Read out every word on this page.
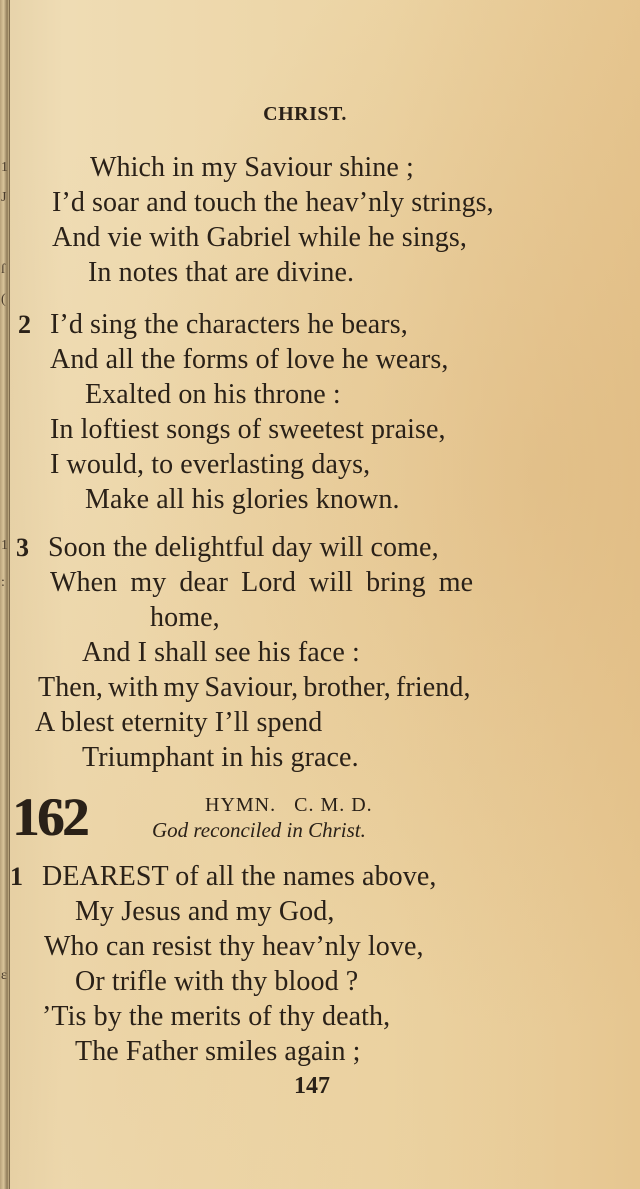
1
J
ſ
(
1
:
ε
CHRIST.
Which in my Saviour shine ;
I’d soar and touch the heav’nly strings,
And vie with Gabriel while he sings,
In notes that are divine.
2 I’d sing the characters he bears,
And all the forms of love he wears,
Exalted on his throne :
In loftiest songs of sweetest praise,
I would, to everlasting days,
Make all his glories known.
3 Soon the delightful day will come,
When my dear Lord will bring me
home,
And I shall see his face :
Then, with my Saviour, brother, friend,
A blest eternity I’ll spend
Triumphant in his grace.
162	HYMN.   C. M. D.
God reconciled in Christ.
1 DEAREST of all the names above,
My Jesus and my God,
Who can resist thy heav’nly love,
Or trifle with thy blood ?
’Tis by the merits of thy death,
The Father smiles again ;
147
